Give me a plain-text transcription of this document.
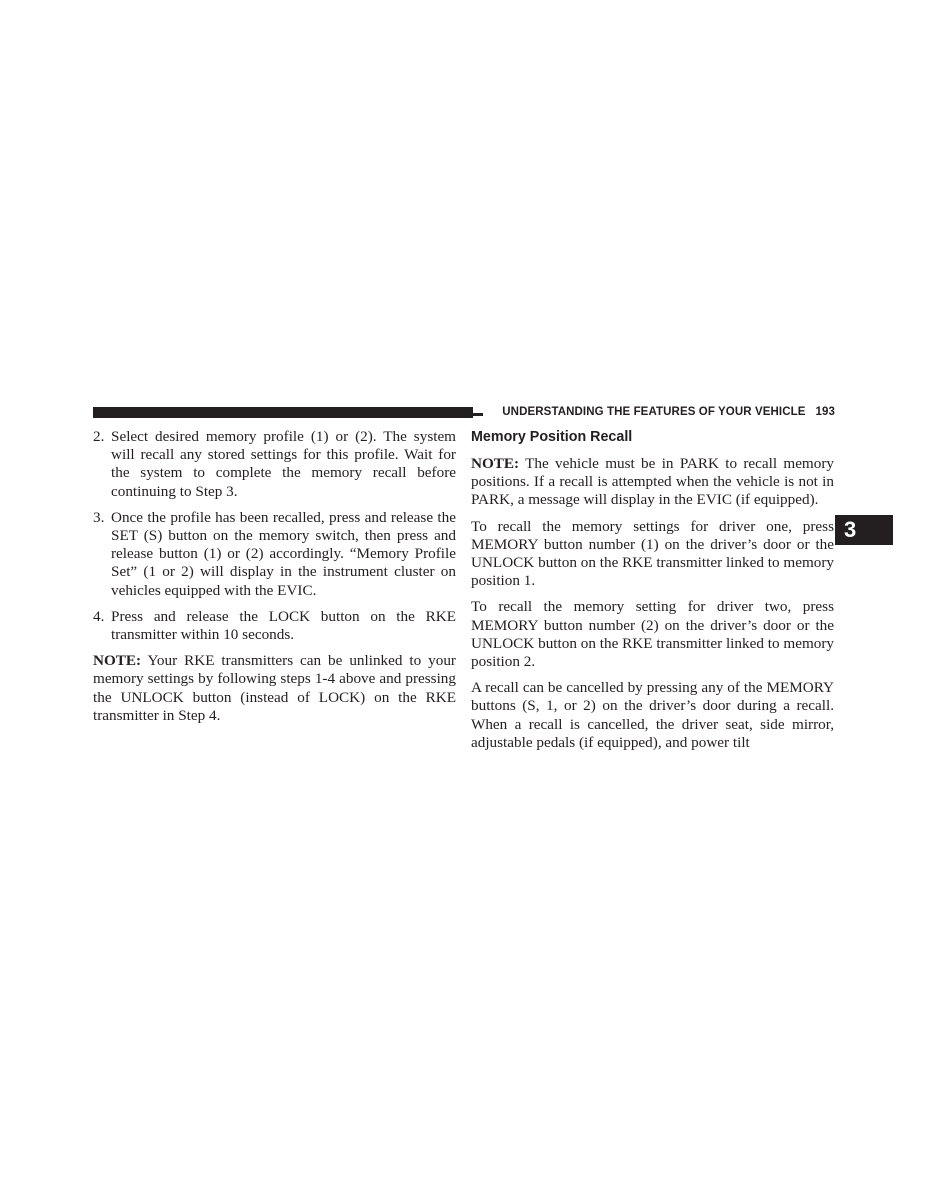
UNDERSTANDING THE FEATURES OF YOUR VEHICLE 193
3
2. Select desired memory profile (1) or (2). The system will recall any stored settings for this profile. Wait for the system to complete the memory recall before continuing to Step 3.
3. Once the profile has been recalled, press and release the SET (S) button on the memory switch, then press and release button (1) or (2) accordingly. “Memory Profile Set” (1 or 2) will display in the instrument cluster on vehicles equipped with the EVIC.
4. Press and release the LOCK button on the RKE transmitter within 10 seconds.

NOTE: Your RKE transmitters can be unlinked to your memory settings by following steps 1-4 above and pressing the UNLOCK button (instead of LOCK) on the RKE transmitter in Step 4.

Memory Position Recall

NOTE: The vehicle must be in PARK to recall memory positions. If a recall is attempted when the vehicle is not in PARK, a message will display in the EVIC (if equipped).

To recall the memory settings for driver one, press MEMORY button number (1) on the driver’s door or the UNLOCK button on the RKE transmitter linked to memory position 1.

To recall the memory setting for driver two, press MEMORY button number (2) on the driver’s door or the UNLOCK button on the RKE transmitter linked to memory position 2.

A recall can be cancelled by pressing any of the MEMORY buttons (S, 1, or 2) on the driver’s door during a recall. When a recall is cancelled, the driver seat, side mirror, adjustable pedals (if equipped), and power tilt
